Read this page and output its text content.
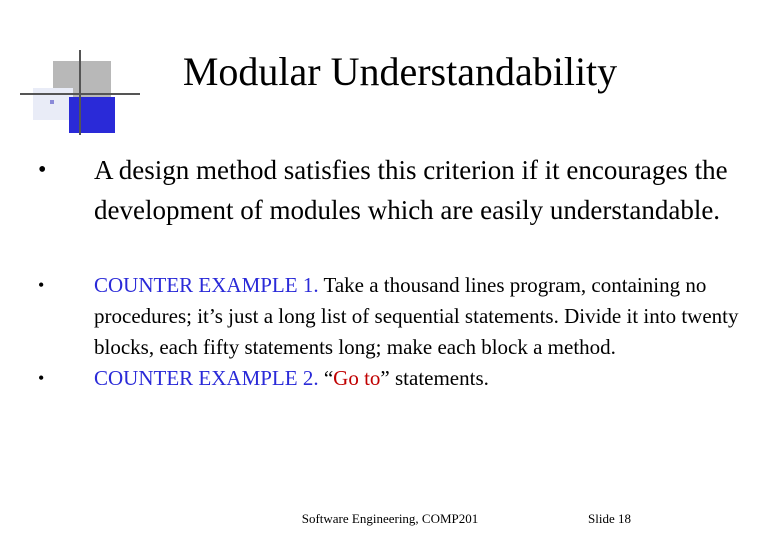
Modular Understandability
• A design method satisfies this criterion if it encourages the development of modules which are easily understandable.
• COUNTER EXAMPLE 1. Take a thousand lines program, containing no procedures; it’s just a long list of sequential statements. Divide it into twenty blocks, each fifty statements long; make each block a method.
• COUNTER EXAMPLE 2. “Go to” statements.
Software Engineering, COMP201	Slide 18
